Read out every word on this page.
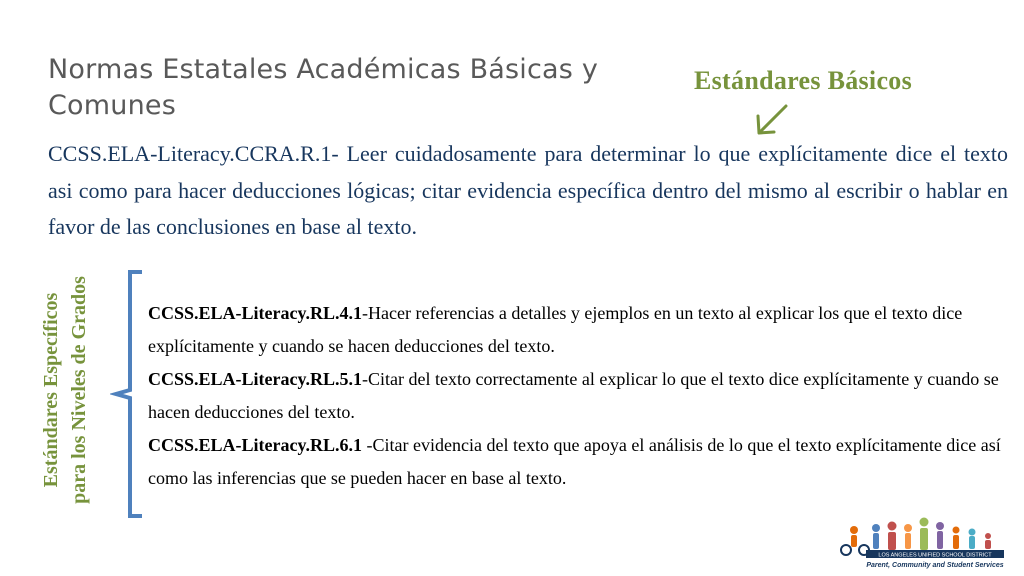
Normas Estatales Académicas Básicas y Comunes
Estándares Básicos
CCSS.ELA-Literacy.CCRA.R.1- Leer cuidadosamente para determinar lo que explícitamente dice el texto asi como para hacer deducciones lógicas; citar evidencia específica dentro del mismo al escribir o hablar en favor de las conclusiones en base al texto.
Estándares Específicos para los Niveles de Grados	CCSS.ELA-Literacy.RL.4.1-Hacer referencias a detalles y ejemplos en un texto al explicar los que el texto dice explícitamente y cuando se hacen deducciones del texto.

CCSS.ELA-Literacy.RL.5.1-Citar del texto correctamente al explicar lo que el texto dice explícitamente y cuando se hacen deducciones del texto.

CCSS.ELA-Literacy.RL.6.1 -Citar evidencia del texto que apoya el análisis de lo que el texto explícitamente dice así como las inferencias que se pueden hacer en base al texto.

LOS ANGELES UNIFIED SCHOOL DISTRICT
Parent, Community and Student Services
